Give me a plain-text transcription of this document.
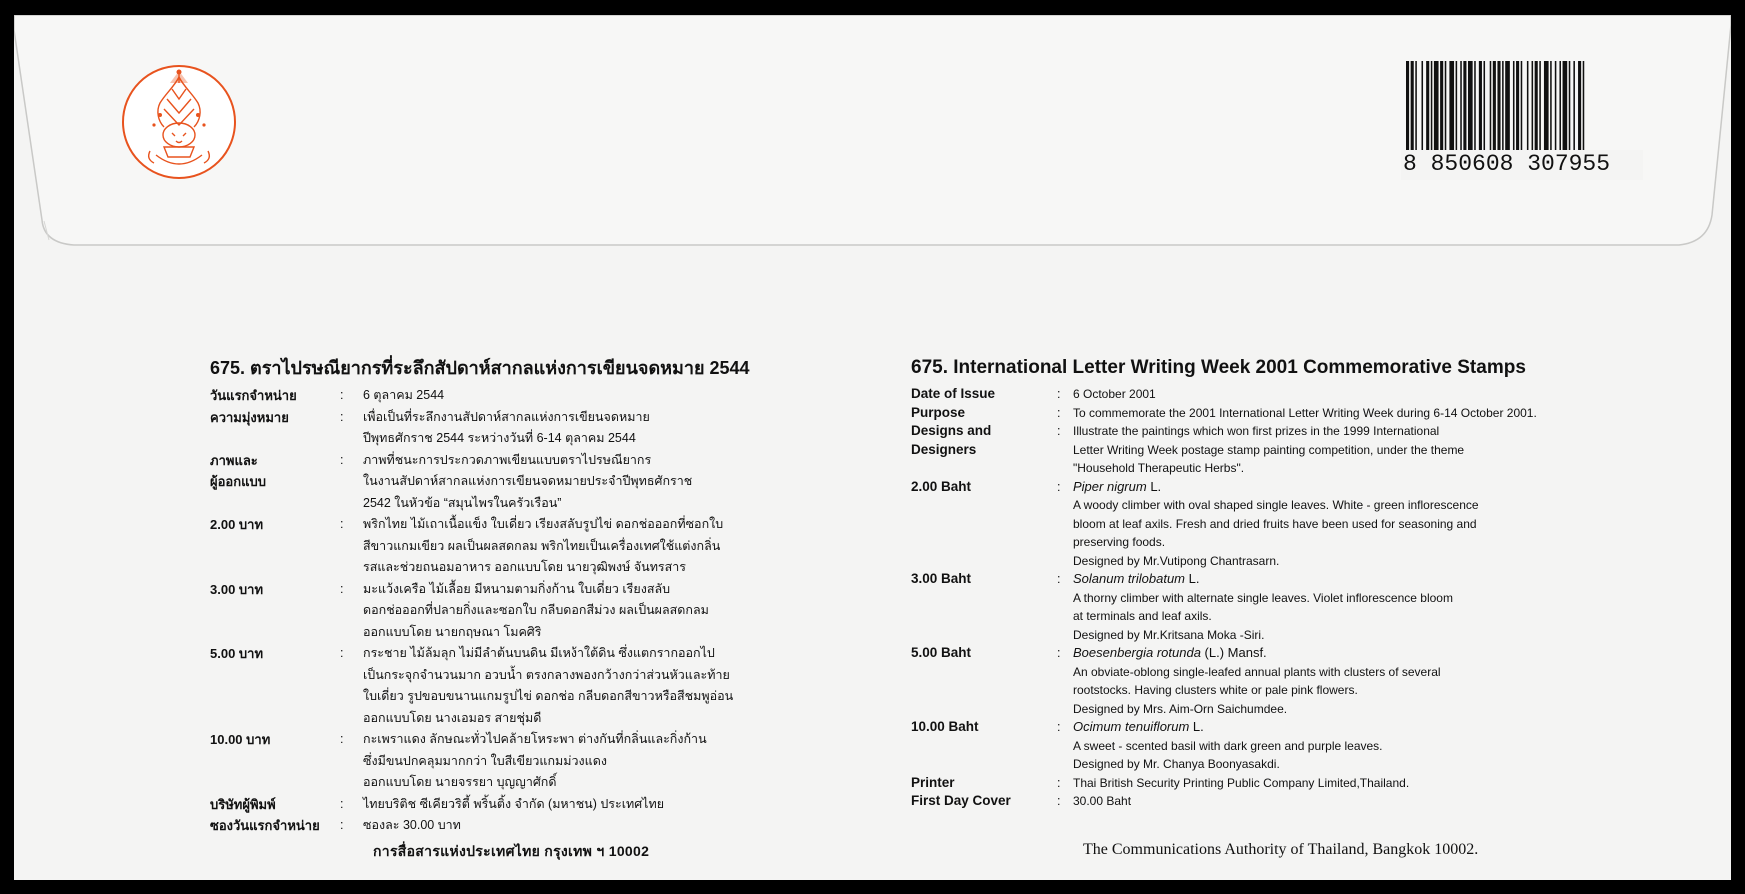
8 850608 307955
675. ตราไปรษณียากรที่ระลึกสัปดาห์สากลแห่งการเขียนจดหมาย 2544
วันแรกจำหน่าย	:	6 ตุลาคม 2544
ความมุ่งหมาย	:	เพื่อเป็นที่ระลึกงานสัปดาห์สากลแห่งการเขียนจดหมาย
ปีพุทธศักราช 2544 ระหว่างวันที่ 6-14 ตุลาคม 2544
ภาพและ
ผู้ออกแบบ
:	ภาพที่ชนะการประกวดภาพเขียนแบบตราไปรษณียากร
ในงานสัปดาห์สากลแห่งการเขียนจดหมายประจำปีพุทธศักราช
2542 ในหัวข้อ “สมุนไพรในครัวเรือน”
2.00 บาท	:	พริกไทย ไม้เถาเนื้อแข็ง ใบเดี่ยว เรียงสลับรูปไข่ ดอกช่อออกที่ซอกใบ
สีขาวแกมเขียว ผลเป็นผลสดกลม พริกไทยเป็นเครื่องเทศใช้แต่งกลิ่น
รสและช่วยถนอมอาหาร ออกแบบโดย นายวุฒิพงษ์ จันทรสาร
3.00 บาท	:	มะแว้งเครือ ไม้เลื้อย มีหนามตามกิ่งก้าน ใบเดี่ยว เรียงสลับ
ดอกช่อออกที่ปลายกิ่งและซอกใบ กลีบดอกสีม่วง ผลเป็นผลสดกลม
ออกแบบโดย นายกฤษณา โมคศิริ
5.00 บาท	:	กระชาย ไม้ล้มลุก ไม่มีลำต้นบนดิน มีเหง้าใต้ดิน ซึ่งแตกรากออกไป
เป็นกระจุกจำนวนมาก อวบน้ำ ตรงกลางพองกว้างกว่าส่วนหัวและท้าย
ใบเดี่ยว รูปขอบขนานแกมรูปไข่ ดอกช่อ กลีบดอกสีขาวหรือสีชมพูอ่อน
ออกแบบโดย นางเอมอร สายชุ่มดี
10.00 บาท	:	กะเพราแดง ลักษณะทั่วไปคล้ายโหระพา ต่างกันที่กลิ่นและกิ่งก้าน
ซึ่งมีขนปกคลุมมากกว่า ใบสีเขียวแกมม่วงแดง
ออกแบบโดย นายจรรยา บุญญาศักดิ์
บริษัทผู้พิมพ์	:	ไทยบริติช ซีเคียวริตี้ พริ้นติ้ง จำกัด (มหาชน) ประเทศไทย
ซองวันแรกจำหน่าย	:	ซองละ 30.00 บาท
675. International Letter Writing Week 2001 Commemorative Stamps
Date of Issue	:	6 October 2001
Purpose	:	To commemorate the 2001 International Letter Writing Week during 6-14 October 2001.
Designs and
Designers
:	Illustrate the paintings which won first prizes in the 1999 International
Letter Writing Week postage stamp painting competition, under the theme
"Household Therapeutic Herbs".
2.00 Baht	: Piper nigrum L.
A woody climber with oval shaped single leaves. White - green inflorescence
bloom at leaf axils. Fresh and dried fruits have been used for seasoning and
preserving foods.
Designed by Mr.Vutipong Chantrasarn.
3.00 Baht	: Solanum trilobatum L.
A thorny climber with alternate single leaves. Violet inflorescence bloom
at terminals and leaf axils.
Designed by Mr.Kritsana Moka -Siri.
5.00 Baht	: Boesenbergia rotunda (L.) Mansf.
An obviate-oblong single-leafed annual plants with clusters of several
rootstocks. Having clusters white or pale pink flowers.
Designed by Mrs. Aim-Orn Saichumdee.
10.00 Baht	: Ocimum tenuiflorum L.
A sweet - scented basil with dark green and purple leaves.
Designed by Mr. Chanya Boonyasakdi.
Printer	:	Thai British Security Printing Public Company Limited,Thailand.
First Day Cover	:	30.00 Baht
การสื่อสารแห่งประเทศไทย กรุงเทพ ฯ 10002	The Communications Authority of Thailand, Bangkok 10002.
